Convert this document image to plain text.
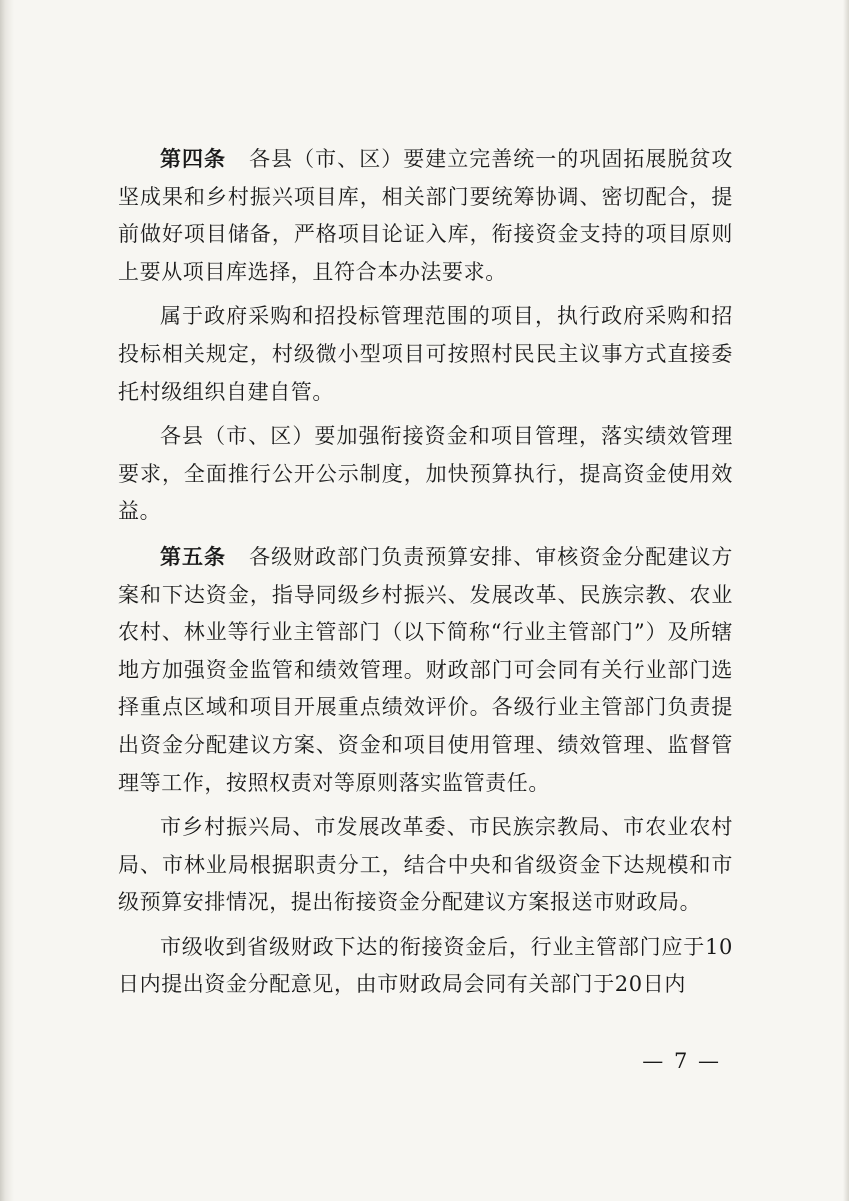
第四条 各县（市、区）要建立完善统一的巩固拓展脱贫攻坚成果和乡村振兴项目库，相关部门要统筹协调、密切配合，提前做好项目储备，严格项目论证入库，衔接资金支持的项目原则上要从项目库选择，且符合本办法要求。

属于政府采购和招投标管理范围的项目，执行政府采购和招投标相关规定，村级微小型项目可按照村民民主议事方式直接委托村级组织自建自管。

各县（市、区）要加强衔接资金和项目管理，落实绩效管理要求，全面推行公开公示制度，加快预算执行，提高资金使用效益。

第五条 各级财政部门负责预算安排、审核资金分配建议方案和下达资金，指导同级乡村振兴、发展改革、民族宗教、农业农村、林业等行业主管部门（以下简称“行业主管部门”）及所辖地方加强资金监管和绩效管理。财政部门可会同有关行业部门选择重点区域和项目开展重点绩效评价。各级行业主管部门负责提出资金分配建议方案、资金和项目使用管理、绩效管理、监督管理等工作，按照权责对等原则落实监管责任。

市乡村振兴局、市发展改革委、市民族宗教局、市农业农村局、市林业局根据职责分工，结合中央和省级资金下达规模和市级预算安排情况，提出衔接资金分配建议方案报送市财政局。

市级收到省级财政下达的衔接资金后，行业主管部门应于10日内提出资金分配意见，由市财政局会同有关部门于20日内

— 7 —
